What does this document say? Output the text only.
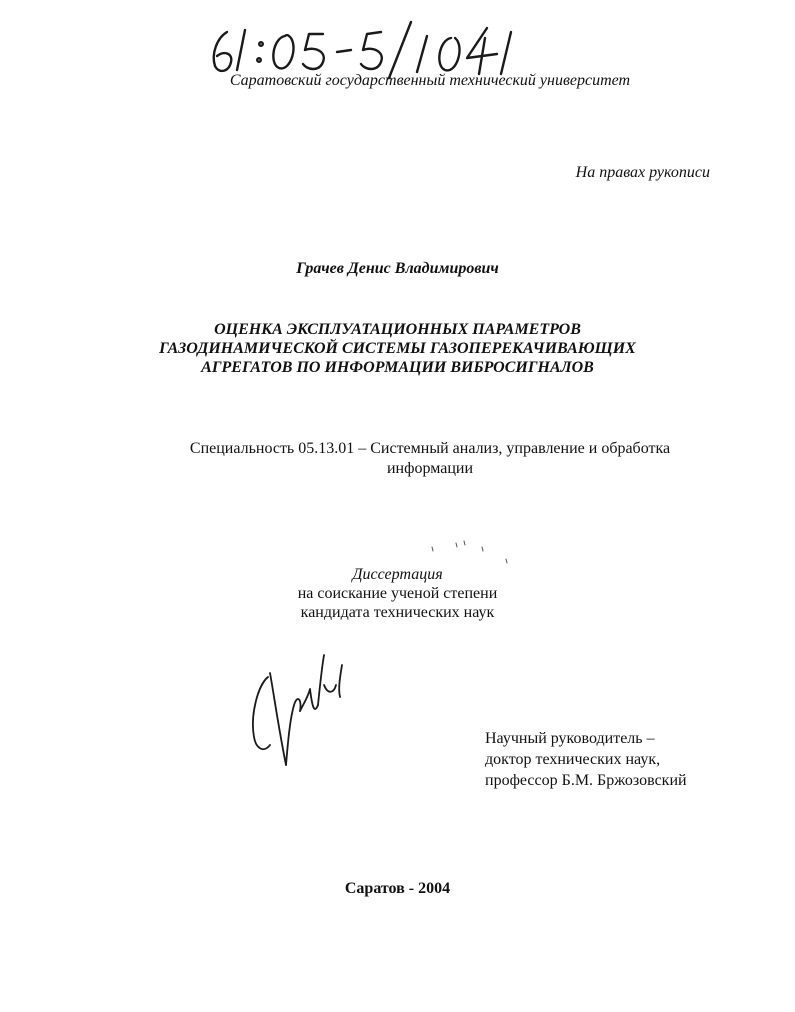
Саратовский государственный технический университет
На правах рукописи
Грачев Денис Владимирович
ОЦЕНКА ЭКСПЛУАТАЦИОННЫХ ПАРАМЕТРОВ
ГАЗОДИНАМИЧЕСКОЙ СИСТЕМЫ ГАЗОПЕРЕКАЧИВАЮЩИХ
АГРЕГАТОВ ПО ИНФОРМАЦИИ ВИБРОСИГНАЛОВ
Специальность 05.13.01 – Системный анализ, управление и обработка
информации
Диссертация
на соискание ученой степени
кандидата технических наук
Научный руководитель –
доктор технических наук,
профессор Б.М. Бржозовский
Саратов - 2004
